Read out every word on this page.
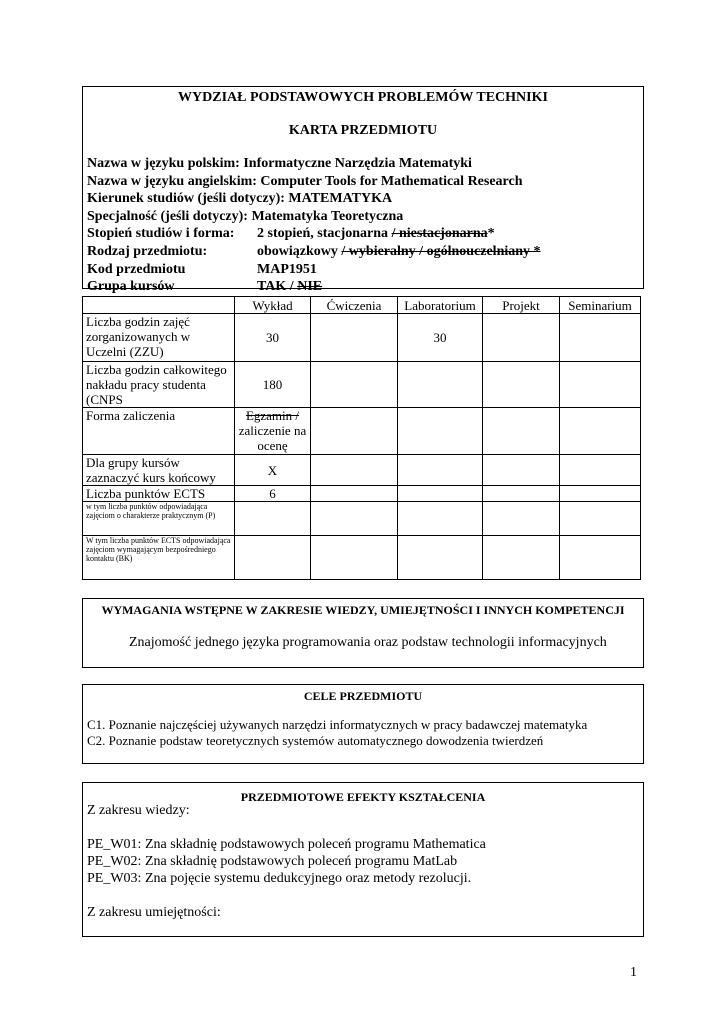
WYDZIAŁ PODSTAWOWYCH PROBLEMÓW TECHNIKI
KARTA PRZEDMIOTU
Nazwa w języku polskim: Informatyczne Narzędzia Matematyki
Nazwa w języku angielskim: Computer Tools for Mathematical Research
Kierunek studiów (jeśli dotyczy): MATEMATYKA
Specjalność (jeśli dotyczy): Matematyka Teoretyczna
Stopień studiów i forma: 2 stopień, stacjonarna / niestacjonarna*
Rodzaj przedmiotu:	obowiązkowy / wybieralny / ogólnouczelniany *
Kod przedmiotu	MAP1951
Grupa kursów	TAK / NIE
	Wykład	Ćwiczenia	Laboratorium	Projekt	Seminarium
Liczba godzin zajęć zorganizowanych w Uczelni (ZZU)	30		30		
Liczba godzin całkowitego nakładu pracy studenta (CNPS	180				
Forma zaliczenia	Egzamin /
zaliczenie na ocenę				

Dla grupy kursów zaznaczyć kurs końcowy	X				
Liczba punktów ECTS	6				
w tym liczba punktów odpowiadająca zajęciom o charakterze praktycznym (P)					
W tym liczba punktów ECTS odpowiadająca zajęciom wymagającym bezpośredniego kontaktu (BK)					
WYMAGANIA WSTĘPNE W ZAKRESIE WIEDZY, UMIEJĘTNOŚCI I INNYCH KOMPETENCJI
Znajomość jednego języka programowania oraz podstaw technologii informacyjnych
CELE PRZEDMIOTU
C1. Poznanie najczęściej używanych narzędzi informatycznych w pracy badawczej matematyka
C2. Poznanie podstaw teoretycznych systemów automatycznego dowodzenia twierdzeń
PRZEDMIOTOWE EFEKTY KSZTAŁCENIA
Z zakresu wiedzy:
PE_W01: Zna składnię podstawowych poleceń programu Mathematica
PE_W02: Zna składnię podstawowych poleceń programu MatLab
PE_W03: Zna pojęcie systemu dedukcyjnego oraz metody rezolucji.
Z zakresu umiejętności:
1
